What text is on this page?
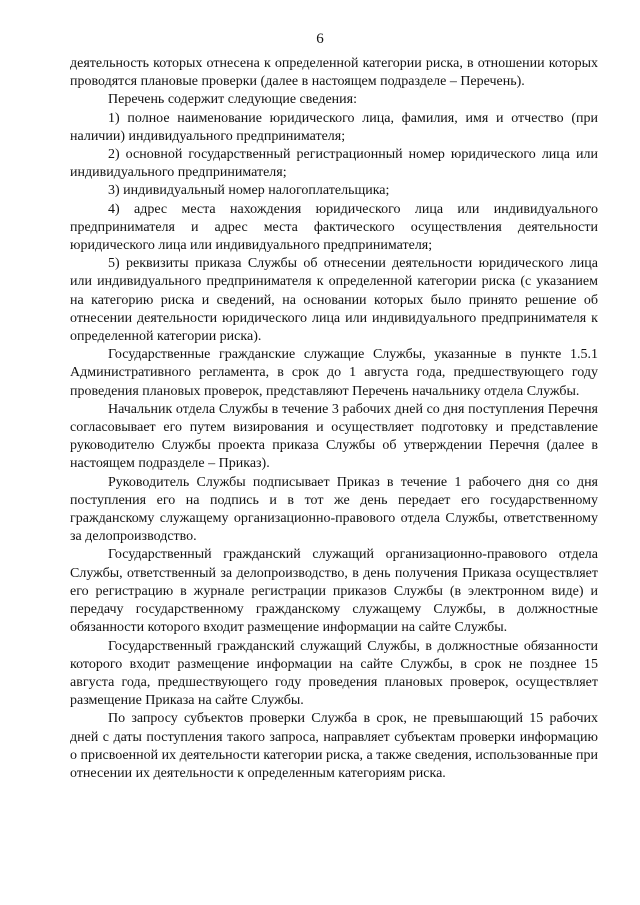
6

деятельность которых отнесена к определенной категории риска, в отношении которых проводятся плановые проверки (далее в настоящем подразделе – Перечень).

Перечень содержит следующие сведения:

1) полное наименование юридического лица, фамилия, имя и отчество (при наличии) индивидуального предпринимателя;

2) основной государственный регистрационный номер юридического лица или индивидуального предпринимателя;

3) индивидуальный номер налогоплательщика;

4) адрес места нахождения юридического лица или индивидуального предпринимателя и адрес места фактического осуществления деятельности юридического лица или индивидуального предпринимателя;

5) реквизиты приказа Службы об отнесении деятельности юридического лица или индивидуального предпринимателя к определенной категории риска (с указанием на категорию риска и сведений, на основании которых было принято решение об отнесении деятельности юридического лица или индивидуального предпринимателя к определенной категории риска).

Государственные гражданские служащие Службы, указанные в пункте 1.5.1 Административного регламента, в срок до 1 августа года, предшествующего году проведения плановых проверок, представляют Перечень начальнику отдела Службы.

Начальник отдела Службы в течение 3 рабочих дней со дня поступления Перечня согласовывает его путем визирования и осуществляет подготовку и представление руководителю Службы проекта приказа Службы об утверждении Перечня (далее в настоящем подразделе – Приказ).

Руководитель Службы подписывает Приказ в течение 1 рабочего дня со дня поступления его на подпись и в тот же день передает его государственному гражданскому служащему организационно-правового отдела Службы, ответственному за делопроизводство.

Государственный гражданский служащий организационно-правового отдела Службы, ответственный за делопроизводство, в день получения Приказа осуществляет его регистрацию в журнале регистрации приказов Службы (в электронном виде) и передачу государственному гражданскому служащему Службы, в должностные обязанности которого входит размещение информации на сайте Службы.

Государственный гражданский служащий Службы, в должностные обязанности которого входит размещение информации на сайте Службы, в срок не позднее 15 августа года, предшествующего году проведения плановых проверок, осуществляет размещение Приказа на сайте Службы.

По запросу субъектов проверки Служба в срок, не превышающий 15 рабочих дней с даты поступления такого запроса, направляет субъектам проверки информацию о присвоенной их деятельности категории риска, а также сведения, использованные при отнесении их деятельности к определенным категориям риска.
